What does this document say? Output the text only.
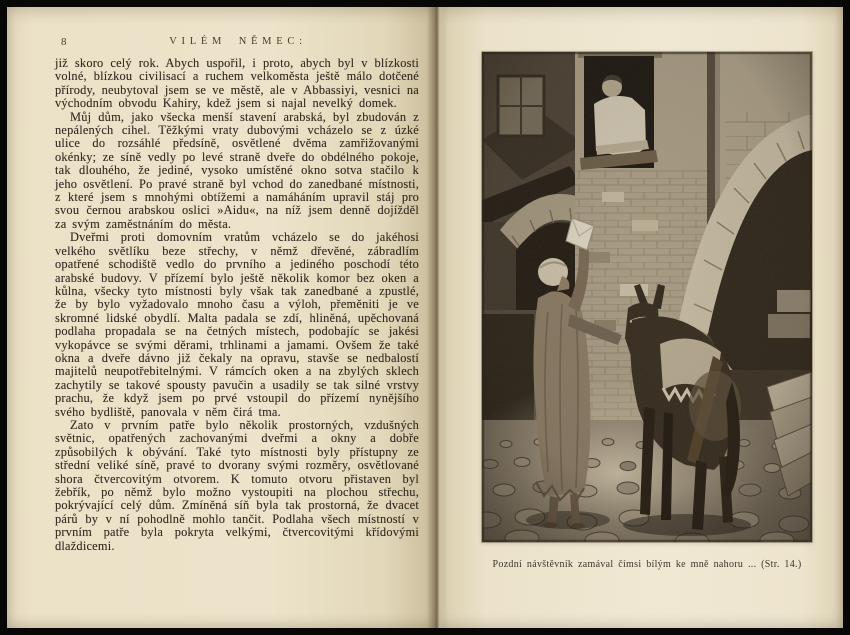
8	VILÉM NĚMEC:

již skoro celý rok. Abych uspořil, i proto, abych byl v blízkosti volné, blízkou civilisací a ruchem velkoměsta ještě málo dotčené přírody, neubytoval jsem se ve městě, ale v Abbassiyi, vesnici na východním obvodu Kahiry, kdež jsem si najal nevelký domek.

Můj dům, jako všecka menší stavení arabská, byl zbudován z nepálených cihel. Těžkými vraty dubovými vcházelo se z úzké ulice do rozsáhlé předsíně, osvětlené dvěma zamřižovanými okénky; ze síně vedly po levé straně dveře do obdélného pokoje, tak dlouhého, že jediné, vysoko umístěné okno sotva stačilo k jeho osvětlení. Po pravé straně byl vchod do zanedbané místnosti, z které jsem s mnohými obtížemi a namáháním upravil stáj pro svou černou arabskou oslici »Aidu«, na níž jsem denně dojížděl za svým zaměstnáním do města.

Dveřmi proti domovním vratům vcházelo se do jakéhosi velkého světlíku beze střechy, v němž dřevěné, zábradlím opatřené schodiště vedlo do prvního a jediného poschodí této arabské budovy. V přízemí bylo ještě několik komor bez oken a kůlna, všecky tyto místnosti byly však tak zanedbané a zpustlé, že by bylo vyžadovalo mnoho času a výloh, přeměniti je ve skromné lidské obydlí. Malta padala se zdí, hliněná, upěchovaná podlaha propadala se na četných místech, podobajíc se jakési vykopávce se svými děrami, trhlinami a jamami. Ovšem že také okna a dveře dávno již čekaly na opravu, stavše se nedbalostí majitelů neupotřebitelnými. V rámcích oken a na zbylých sklech zachytily se takové spousty pavučin a usadily se tak silné vrstvy prachu, že když jsem po prvé vstoupil do přízemí nynějšího svého bydliště, panovala v něm čirá tma.

Zato v prvním patře bylo několik prostorných, vzdušných světnic, opatřených zachovanými dveřmi a okny a dobře způsobilých k obývání. Také tyto místnosti byly přístupny ze střední veliké síně, pravé to dvorany svými rozměry, osvětlované shora čtvercovitým otvorem. K tomuto otvoru přistaven byl žebřík, po němž bylo možno vystoupiti na plochou střechu, pokrývající celý dům. Zmíněná síň byla tak prostorná, že dvacet párů by v ní pohodlně mohlo tančit. Podlaha všech místností v prvním patře byla pokryta velkými, čtvercovitými křídovými dlaždicemi.

Pozdní návštěvník zamával čímsi bílým ke mně nahoru ... (Str. 14.)
